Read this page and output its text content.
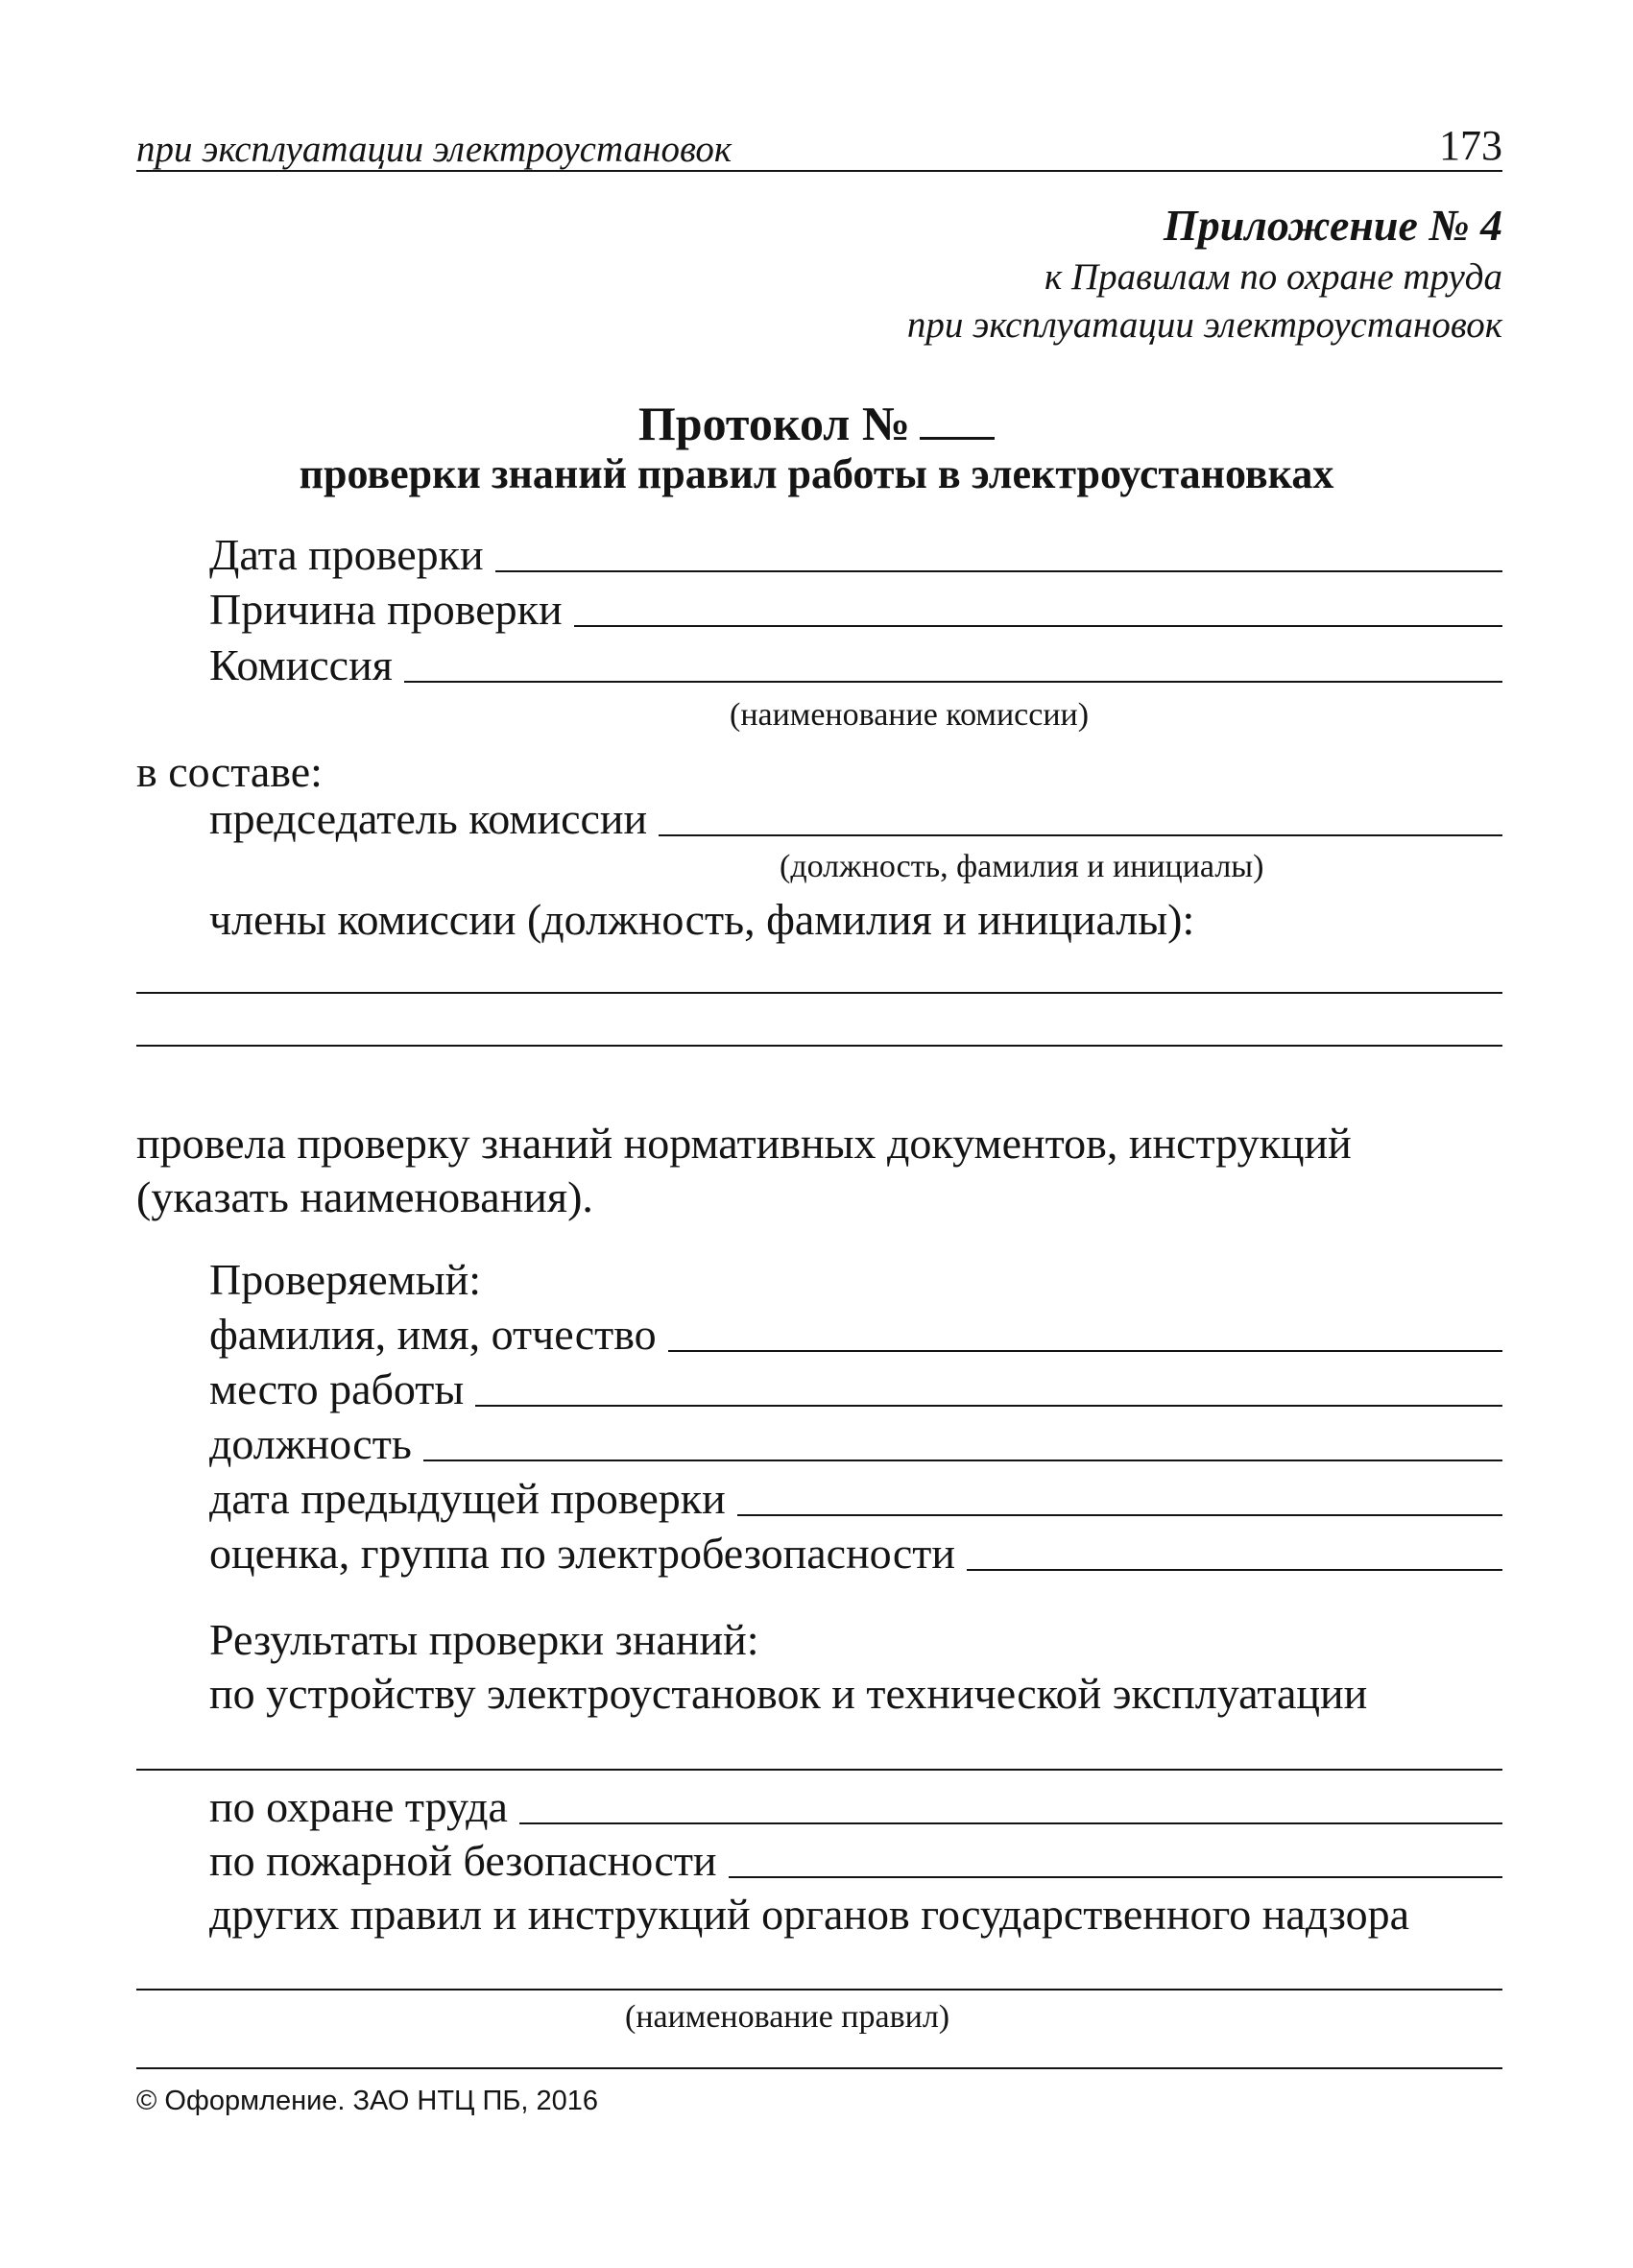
при эксплуатации электроустановок	173
Приложение № 4
к Правилам по охране труда
при эксплуатации электроустановок
Протокол №
проверки знаний правил работы в электроустановках
Дата проверки
Причина проверки
Комиссия
(наименование комиссии)
в составе:
председатель комиссии
(должность, фамилия и инициалы)
члены комиссии (должность, фамилия и инициалы):
провела проверку знаний нормативных документов, инструкций
(указать наименования).
Проверяемый:
фамилия, имя, отчество
место работы
должность
дата предыдущей проверки
оценка, группа по электробезопасности
Результаты проверки знаний:
по устройству электроустановок и технической эксплуатации
по охране труда
по пожарной безопасности
других правил и инструкций органов государственного надзора
(наименование правил)
© Оформление. ЗАО НТЦ ПБ, 2016
